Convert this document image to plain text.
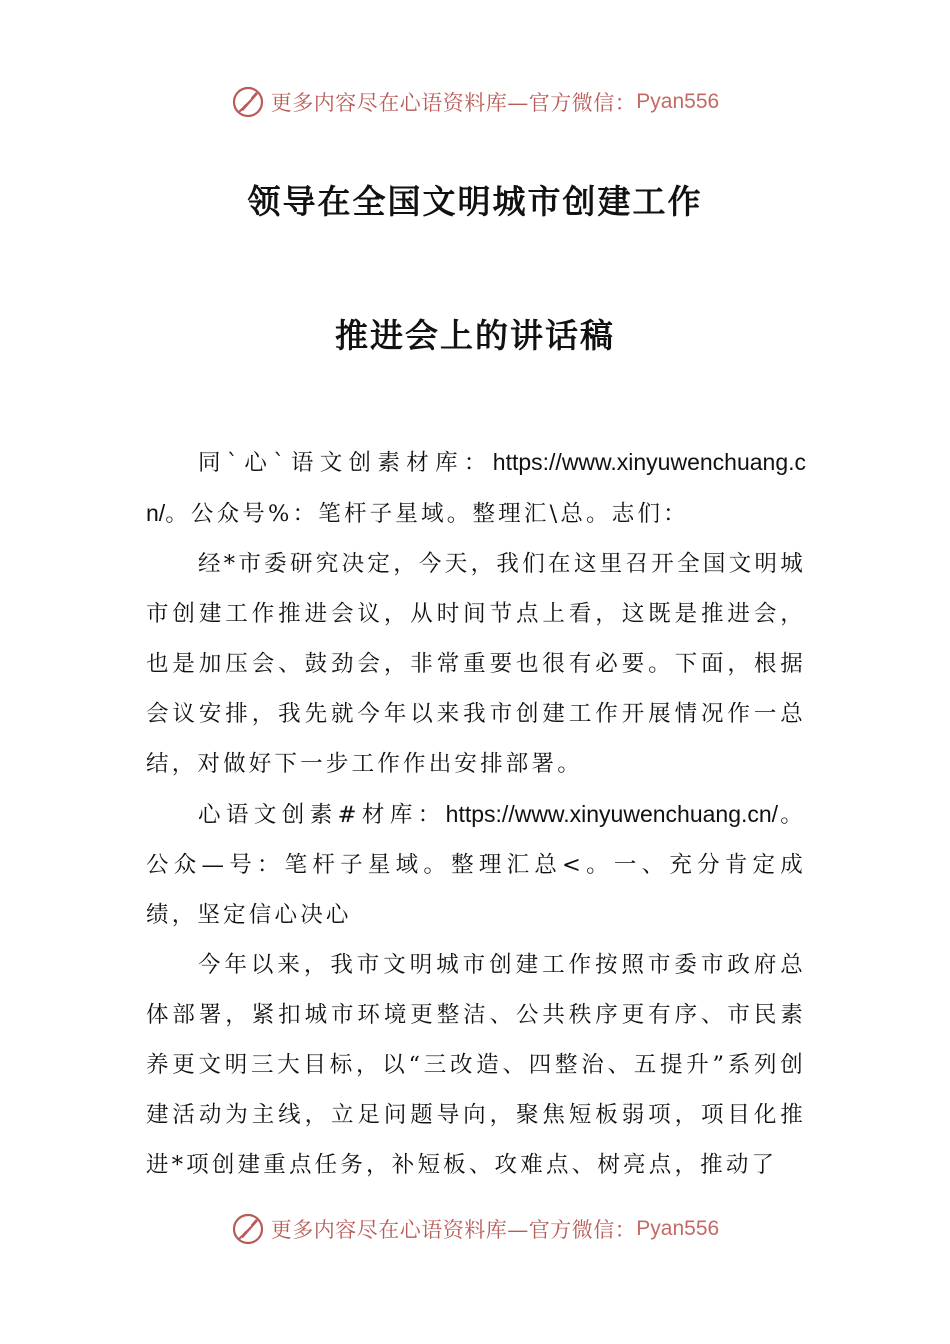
更多内容尽在心语资料库—官方微信： Pyan556
领导在全国文明城市创建工作
推进会上的讲话稿

同`心`语文创素材库：https://www.xinyuwenchuang.cn/。公众号%：笔杆子星域。整理汇\总。志们：

经*市委研究决定，今天，我们在这里召开全国文明城市创建工作推进会议，从时间节点上看，这既是推进会，也是加压会、鼓劲会，非常重要也很有必要。下面，根据会议安排，我先就今年以来我市创建工作开展情况作一总结，对做好下一步工作作出安排部署。

心语文创素#材库：https://www.xinyuwenchuang.cn/。公众—号：笔杆子星域。整理汇总<。一、充分肯定成绩，坚定信心决心

今年以来，我市文明城市创建工作按照市委市政府总体部署，紧扣城市环境更整洁、公共秩序更有序、市民素养更文明三大目标，以“三改造、四整治、五提升”系列创建活动为主线，立足问题导向，聚焦短板弱项，项目化推进*项创建重点任务，补短板、攻难点、树亮点，推动了

更多内容尽在心语资料库—官方微信： Pyan556
